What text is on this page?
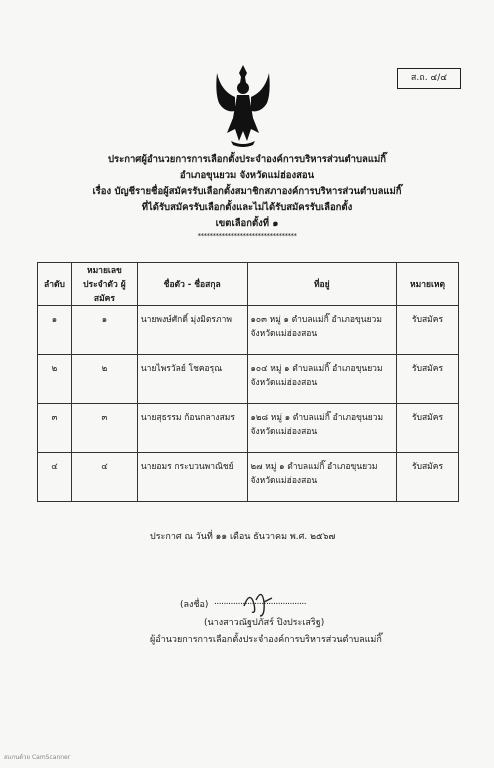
ส.ถ. ๔/๔
ประกาศผู้อำนวยการการเลือกตั้งประจำองค์การบริหารส่วนตำบลแม่กิ๊
อำเภอขุนยวม จังหวัดแม่ฮ่องสอน
เรื่อง บัญชีรายชื่อผู้สมัครรับเลือกตั้งสมาชิกสภาองค์การบริหารส่วนตำบลแม่กิ๊
ที่ได้รับสมัครรับเลือกตั้งและไม่ได้รับสมัครรับเลือกตั้ง
เขตเลือกตั้งที่ ๑
*********************************
ลำดับ	หมายเลขประจำตัว ผู้สมัคร	ชื่อตัว - ชื่อสกุล	ที่อยู่	หมายเหตุ
๑	๑	นายพงษ์ศักดิ์ มุ่งมิตรภาพ	๑๐๓ หมู่ ๑ ตำบลแม่กิ๊ อำเภอขุนยวม
จังหวัดแม่ฮ่องสอน	รับสมัคร
๒	๒	นายไพรวัลย์ โชคอรุณ	๑๐๔ หมู่ ๑ ตำบลแม่กิ๊ อำเภอขุนยวม
จังหวัดแม่ฮ่องสอน	รับสมัคร
๓	๓	นายสุธรรม ก้อนกลางสมร	๑๒๘ หมู่ ๑ ตำบลแม่กิ๊ อำเภอขุนยวม
จังหวัดแม่ฮ่องสอน	รับสมัคร
๔	๔	นายอมร กระบวนพาณิชย์	๒๗ หมู่ ๑ ตำบลแม่กิ๊ อำเภอขุนยวม
จังหวัดแม่ฮ่องสอน	รับสมัคร
ประกาศ ณ วันที่ ๑๑ เดือน ธันวาคม พ.ศ. ๒๕๖๗
(ลงชื่อ) .......................................
(นางสาวณัฐปภัสร์ ปิงประเสริฐ)
ผู้อำนวยการการเลือกตั้งประจำองค์การบริหารส่วนตำบลแม่กิ๊
สแกนด้วย CamScanner
